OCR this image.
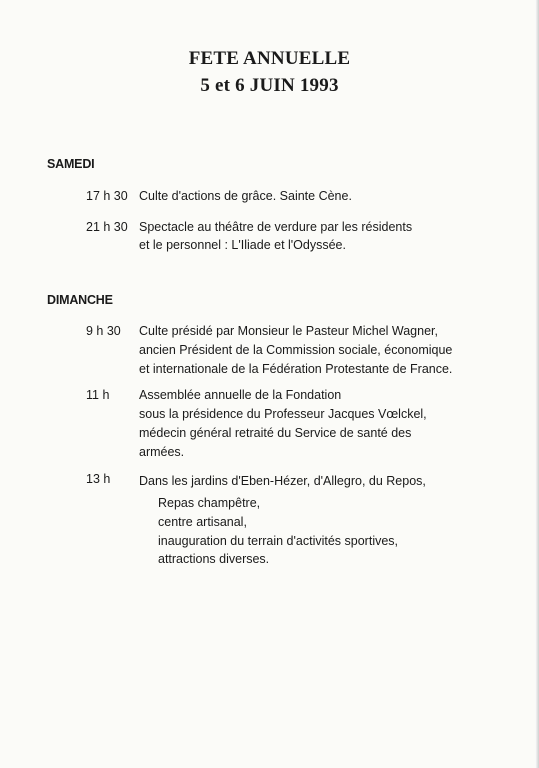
FETE ANNUELLE
5 et 6 JUIN 1993
SAMEDI
17 h 30 Culte d'actions de grâce. Sainte Cène.
21 h 30 Spectacle au théâtre de verdure par les résidents
et le personnel : L'Iliade et l'Odyssée.
DIMANCHE
9 h 30 Culte présidé par Monsieur le Pasteur Michel Wagner,
ancien Président de la Commission sociale, économique
et internationale de la Fédération Protestante de France.
11 h Assemblée annuelle de la Fondation
sous la présidence du Professeur Jacques Vœlckel,
médecin général retraité du Service de santé des
armées.
13 h Dans les jardins d'Eben-Hézer, d'Allegro, du Repos,
Repas champêtre,
centre artisanal,
inauguration du terrain d'activités sportives,
attractions diverses.
